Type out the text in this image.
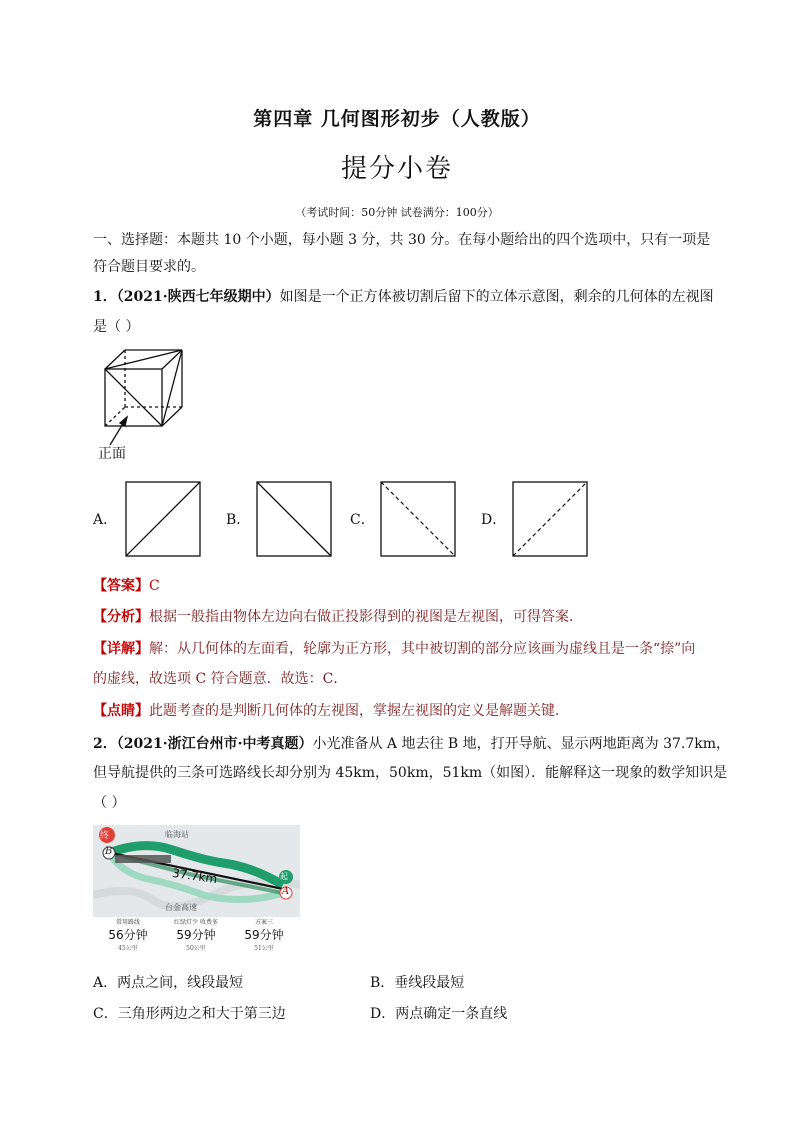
第四章 几何图形初步（人教版）
提分小卷
（考试时间：50分钟 试卷满分：100分）
一、选择题：本题共 10 个小题，每小题 3 分，共 30 分。在每小题给出的四个选项中，只有一项是
符合题目要求的。
1．（2021·陕西七年级期中）如图是一个正方体被切割后留下的立体示意图，剩余的几何体的左视图
是（ ）
正面
A．	B．	C．	D．
【答案】C
【分析】根据一般指由物体左边向右做正投影得到的视图是左视图，可得答案．
【详解】解：从几何体的左面看，轮廓为正方形，其中被切割的部分应该画为虚线且是一条“捺”向
的虚线，故选项 C 符合题意．故选：C．
【点睛】此题考查的是判断几何体的左视图，掌握左视图的定义是解题关键．
2．（2021·浙江台州市·中考真题）小光准备从 A 地去往 B 地，打开导航、显示两地距离为 37.7km，
但导航提供的三条可选路线长却分别为 45km，50km，51km（如图）．能解释这一现象的数学知识是
（ ）
终
起
B
A
37.7km
临海站
台金高速
常用路线
56分钟
45公里
红绿灯少 收费多
59分钟
50公里
方案三
59分钟
51公里
A．两点之间，线段最短	B．垂线段最短
C．三角形两边之和大于第三边	D．两点确定一条直线
